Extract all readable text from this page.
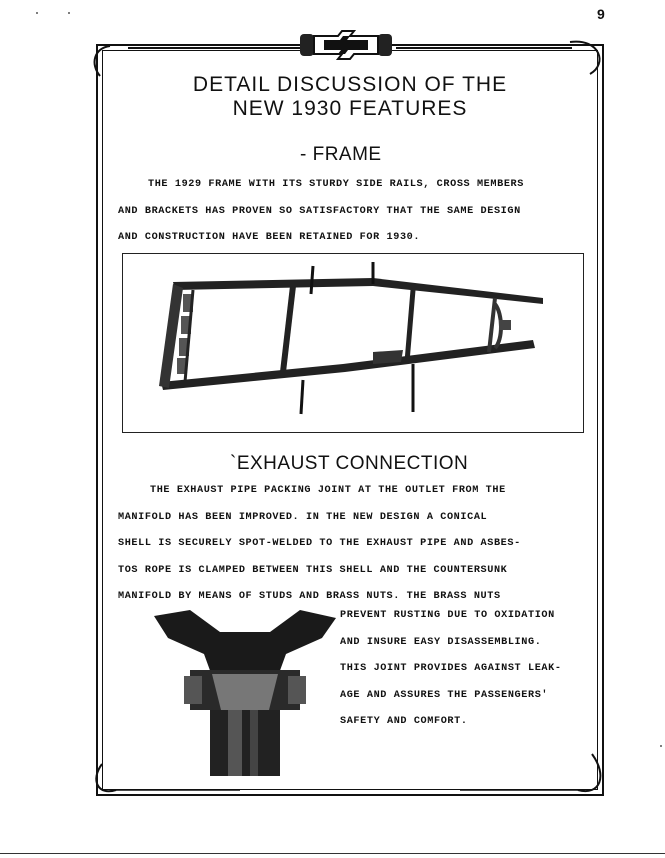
9
DETAIL DISCUSSION OF THE
NEW 1930 FEATURES
- FRAME
THE 1929 FRAME WITH ITS STURDY SIDE RAILS, CROSS MEMBERS
AND BRACKETS HAS PROVEN SO SATISFACTORY THAT THE SAME DESIGN
AND CONSTRUCTION HAVE BEEN RETAINED FOR 1930.
`EXHAUST CONNECTION
THE EXHAUST PIPE PACKING JOINT AT THE OUTLET FROM THE
MANIFOLD HAS BEEN IMPROVED. IN THE NEW DESIGN A CONICAL
SHELL IS SECURELY SPOT-WELDED TO THE EXHAUST PIPE AND ASBES-
TOS ROPE IS CLAMPED BETWEEN THIS SHELL AND THE COUNTERSUNK
MANIFOLD BY MEANS OF STUDS AND BRASS NUTS. THE BRASS NUTS
PREVENT RUSTING DUE TO OXIDATION
AND INSURE EASY DISASSEMBLING.
THIS JOINT PROVIDES AGAINST LEAK-
AGE AND ASSURES THE PASSENGERS'
SAFETY AND COMFORT.
